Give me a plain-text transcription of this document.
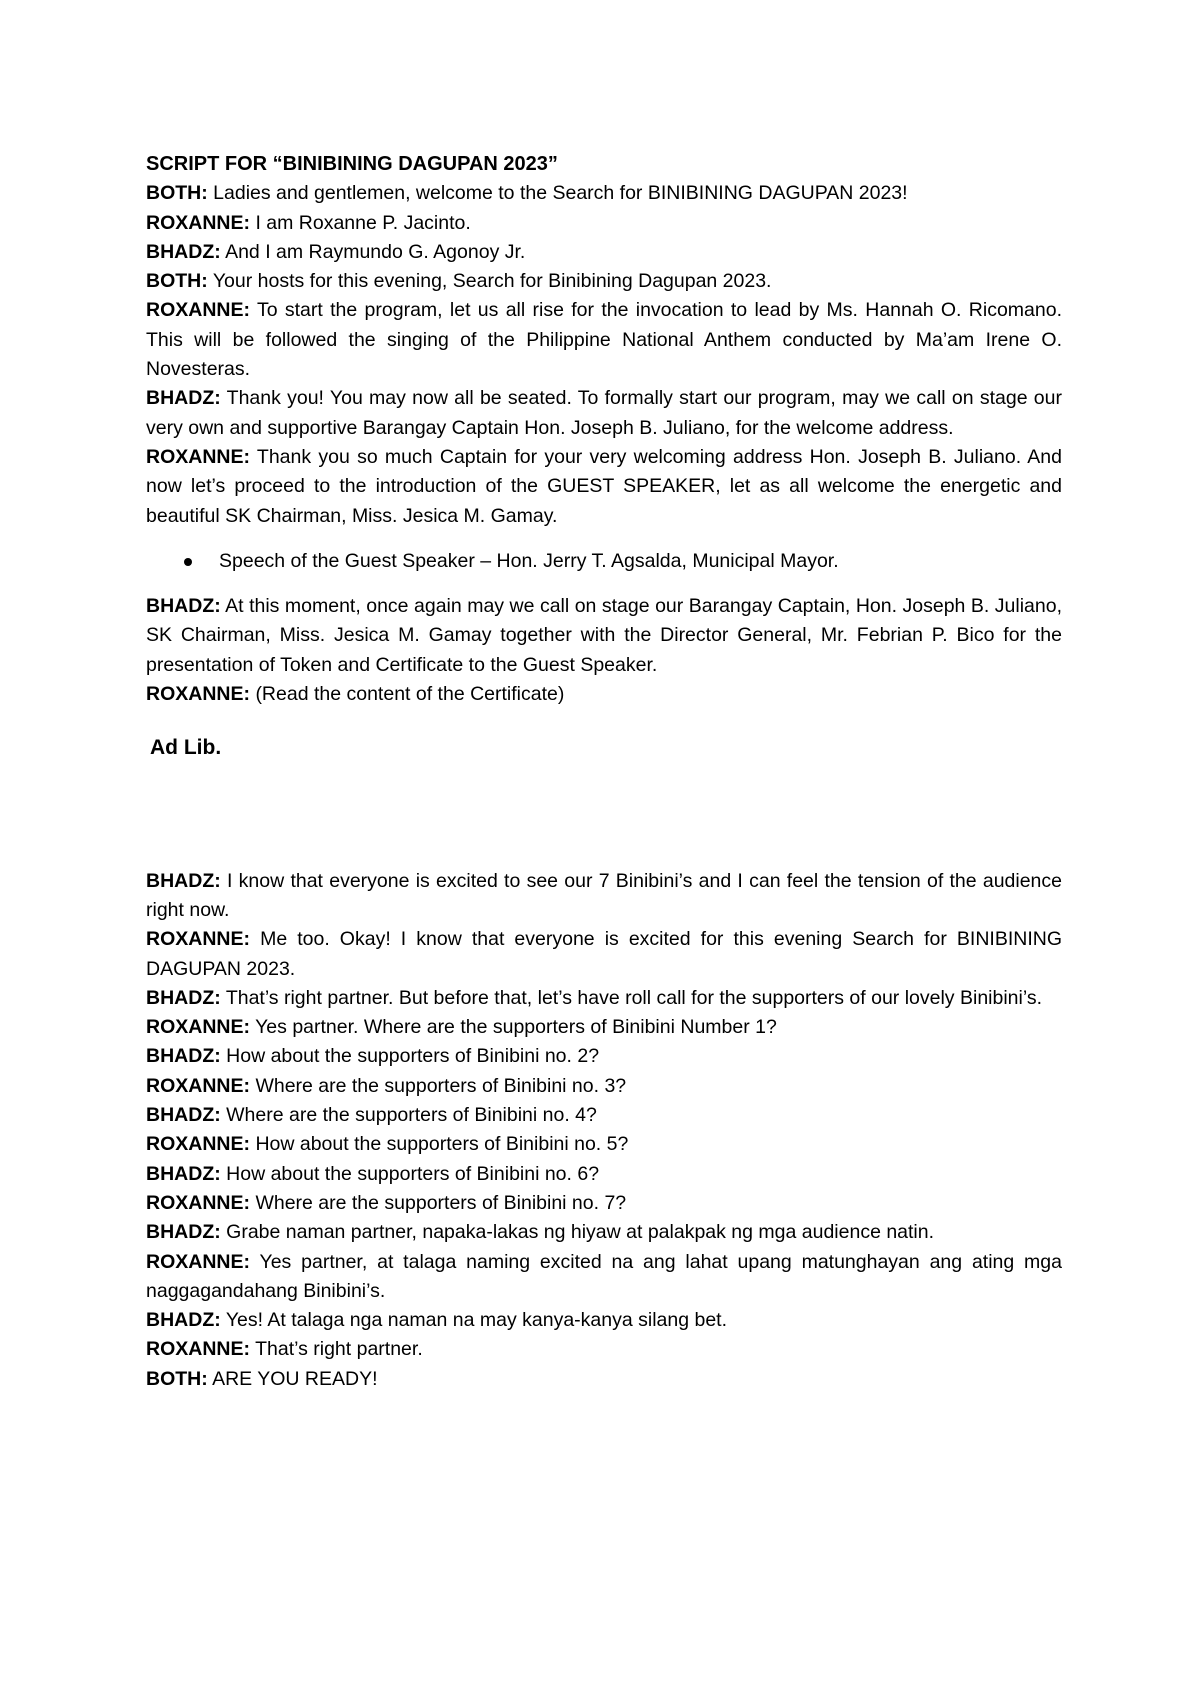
SCRIPT FOR “BINIBINING DAGUPAN 2023”

BOTH: Ladies and gentlemen, welcome to the Search for BINIBINING DAGUPAN 2023!

ROXANNE: I am Roxanne P. Jacinto.

BHADZ: And I am Raymundo G. Agonoy Jr.

BOTH: Your hosts for this evening, Search for Binibining Dagupan 2023.

ROXANNE: To start the program, let us all rise for the invocation to lead by Ms. Hannah O. Ricomano. This will be followed the singing of the Philippine National Anthem conducted by Ma’am Irene O. Novesteras.

BHADZ: Thank you! You may now all be seated. To formally start our program, may we call on stage our very own and supportive Barangay Captain Hon. Joseph B. Juliano, for the welcome address.

ROXANNE: Thank you so much Captain for your very welcoming address Hon. Joseph B. Juliano. And now let’s proceed to the introduction of the GUEST SPEAKER, let as all welcome the energetic and beautiful SK Chairman, Miss. Jesica M. Gamay.

Speech of the Guest Speaker – Hon. Jerry T. Agsalda, Municipal Mayor.

BHADZ: At this moment, once again may we call on stage our Barangay Captain, Hon. Joseph B. Juliano, SK Chairman, Miss. Jesica M. Gamay together with the Director General, Mr. Febrian P. Bico for the presentation of Token and Certificate to the Guest Speaker.

ROXANNE: (Read the content of the Certificate)

Ad Lib.

BHADZ: I know that everyone is excited to see our 7 Binibini’s and I can feel the tension of the audience right now.

ROXANNE: Me too. Okay! I know that everyone is excited for this evening Search for BINIBINING DAGUPAN 2023.

BHADZ: That’s right partner. But before that, let’s have roll call for the supporters of our lovely Binibini’s.

ROXANNE: Yes partner. Where are the supporters of Binibini Number 1?

BHADZ: How about the supporters of Binibini no. 2?

ROXANNE: Where are the supporters of Binibini no. 3?

BHADZ: Where are the supporters of Binibini no. 4?

ROXANNE: How about the supporters of Binibini no. 5?

BHADZ: How about the supporters of Binibini no. 6?

ROXANNE: Where are the supporters of Binibini no. 7?

BHADZ: Grabe naman partner, napaka-lakas ng hiyaw at palakpak ng mga audience natin.

ROXANNE: Yes partner, at talaga naming excited na ang lahat upang matunghayan ang ating mga naggagandahang Binibini’s.

BHADZ: Yes! At talaga nga naman na may kanya-kanya silang bet.

ROXANNE: That’s right partner.

BOTH: ARE YOU READY!
